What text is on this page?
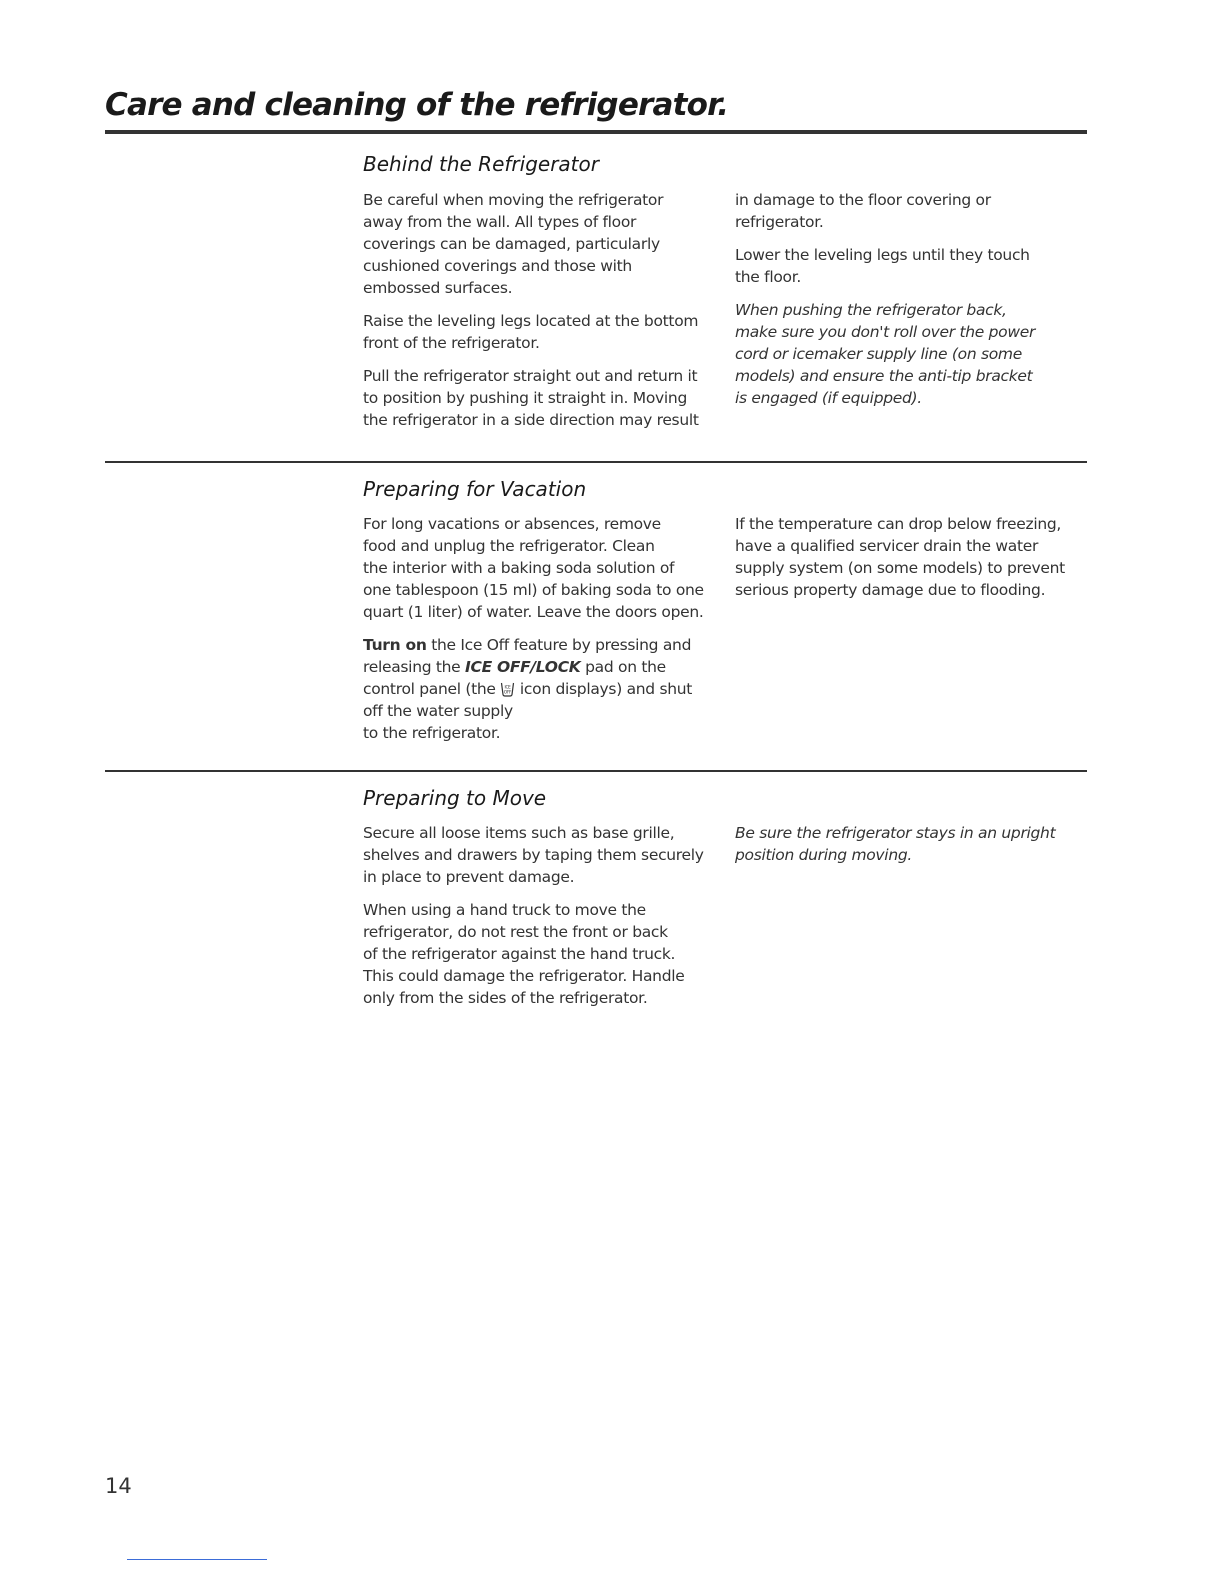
Care and cleaning of the refrigerator.
Behind the Refrigerator

Be careful when moving the refrigerator
away from the wall. All types of floor
coverings can be damaged, particularly
cushioned coverings and those with
embossed surfaces.

Raise the leveling legs located at the bottom
front of the refrigerator.

Pull the refrigerator straight out and return it
to position by pushing it straight in. Moving
the refrigerator in a side direction may result

in damage to the floor covering or
refrigerator.

Lower the leveling legs until they touch
the floor.

When pushing the refrigerator back,
make sure you don't roll over the power
cord or icemaker supply line (on some
models) and ensure the anti-tip bracket
is engaged (if equipped).

Preparing for Vacation

For long vacations or absences, remove
food and unplug the refrigerator. Clean
the interior with a baking soda solution of
one tablespoon (15 ml) of baking soda to one
quart (1 liter) of water. Leave the doors open.

Turn on the Ice Off feature by pressing and
releasing the ICE OFF/LOCK pad on the
control panel (the ICE
OFF icon displays) and shut
off the water supply
to the refrigerator.

If the temperature can drop below freezing,
have a qualified servicer drain the water
supply system (on some models) to prevent
serious property damage due to flooding.

Preparing to Move

Secure all loose items such as base grille,
shelves and drawers by taping them securely
in place to prevent damage.

When using a hand truck to move the
refrigerator, do not rest the front or back
of the refrigerator against the hand truck.
This could damage the refrigerator. Handle
only from the sides of the refrigerator.

Be sure the refrigerator stays in an upright
position during moving.

14
